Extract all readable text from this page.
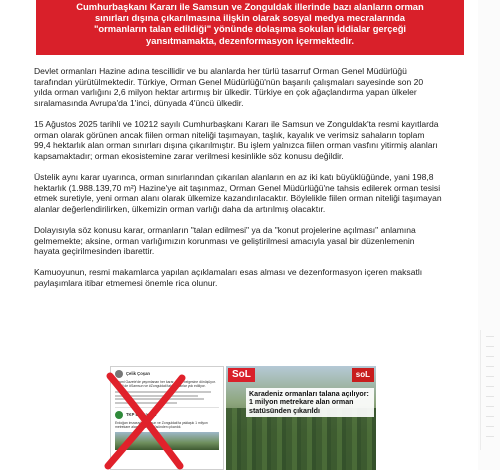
Cumhurbaşkanı Kararı ile Samsun ve Zonguldak illerinde bazı alanların orman
sınırları dışına çıkarılmasına ilişkin olarak sosyal medya mecralarında
"ormanların talan edildiği" yönünde dolaşıma sokulan iddialar gerçeği
yansıtmamakta, dezenformasyon içermektedir.

Devlet ormanları Hazine adına tescillidir ve bu alanlarda her türlü tasarruf Orman Genel Müdürlüğü tarafından yürütülmektedir. Türkiye, Orman Genel Müdürlüğü'nün başarılı çalışmaları sayesinde son 20 yılda orman varlığını 2,6 milyon hektar artırmış bir ülkedir. Türkiye en çok ağaçlandırma yapan ülkeler sıralamasında Avrupa'da 1'inci, dünyada 4'üncü ülkedir.

15 Ağustos 2025 tarihli ve 10212 sayılı Cumhurbaşkanı Kararı ile Samsun ve Zonguldak'ta resmi kayıtlarda orman olarak görünen ancak fiilen orman niteliği taşımayan, taşlık, kayalık ve verimsiz sahaların toplam 99,4 hektarlık alan orman sınırları dışına çıkarılmıştır. Bu işlem yalnızca fiilen orman vasfını yitirmiş alanları kapsamaktadır; orman ekosistemine zarar verilmesi kesinlikle söz konusu değildir.

Üstelik aynı karar uyarınca, orman sınırlarından çıkarılan alanların en az iki katı büyüklüğünde, yani 198,8 hektarlık (1.988.139,70 m²) Hazine'ye ait taşınmaz, Orman Genel Müdürlüğü'ne tahsis edilerek orman tesisi etmek suretiyle, yeni orman alanı olarak ülkemize kazandırılacaktır. Böylelikle fiilen orman niteliği taşımayan alanlar değerlendirilirken, ülkemizin orman varlığı daha da artırılmış olacaktır.

Dolayısıyla söz konusu karar, ormanların "talan edilmesi" ya da "konut projelerine açılması" anlamına gelmemekte; aksine, orman varlığımızın korunması ve geliştirilmesi amacıyla yasal bir düzenlemenin hayata geçirilmesinden ibarettir.

Kamuoyunun, resmi makamlarca yapılan açıklamaları esas alması ve dezenformasyon içeren maksatlı paylaşımlara itibar etmemesi önemle rica olunur.

Çelik Çoşan
Resmi Gazete'de yayımlanan her karar, talan belgesine dönüşüyor. Şimdi de #Samsun ve #Zonguldak'taki ormanlar yok ediliyor.
TKP Başkanlığı
Erdoğan imzasıyla Samsun ve Zonguldak'ta yaklaşık 1 milyon metrekare alan orman statüsünden çıkarıldı.
SoL	soL
Karadeniz ormanları talana açılıyor: 1 milyon metrekare alan orman statüsünden çıkarıldı
